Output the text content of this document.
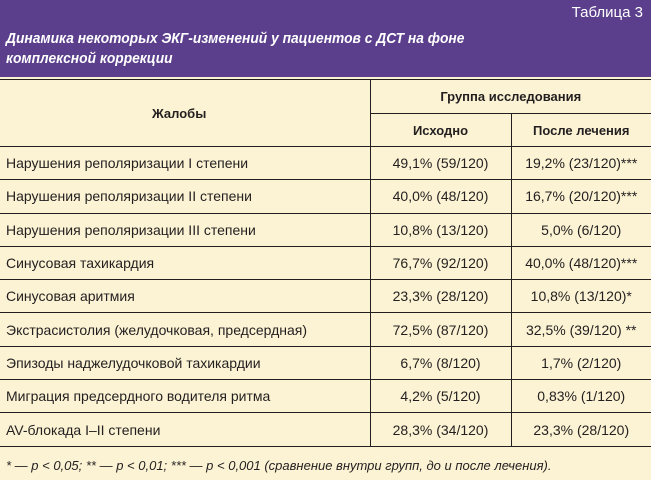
Таблица 3
Динамика некоторых ЭКГ-изменений у пациентов с ДСТ на фоне
комплексной коррекции
Жалобы	Группа исследования	
	Исходно	После лечения
Нарушения реполяризации I степени	49,1% (59/120)	19,2% (23/120)***
Нарушения реполяризации II степени	40,0% (48/120)	16,7% (20/120)***
Нарушения реполяризации III степени	10,8% (13/120)	5,0% (6/120)
Синусовая тахикардия	76,7% (92/120)	40,0% (48/120)***
Синусовая аритмия	23,3% (28/120)	10,8% (13/120)*
Экстрасистолия (желудочковая, предсердная)	72,5% (87/120)	32,5% (39/120) **
Эпизоды наджелудочковой тахикардии	6,7% (8/120)	1,7% (2/120)
Миграция предсердного водителя ритма	4,2% (5/120)	0,83% (1/120)
AV-блокада I–II степени	28,3% (34/120)	23,3% (28/120)
* — p < 0,05; ** — p < 0,01; *** — p < 0,001 (сравнение внутри групп, до и после лечения).
